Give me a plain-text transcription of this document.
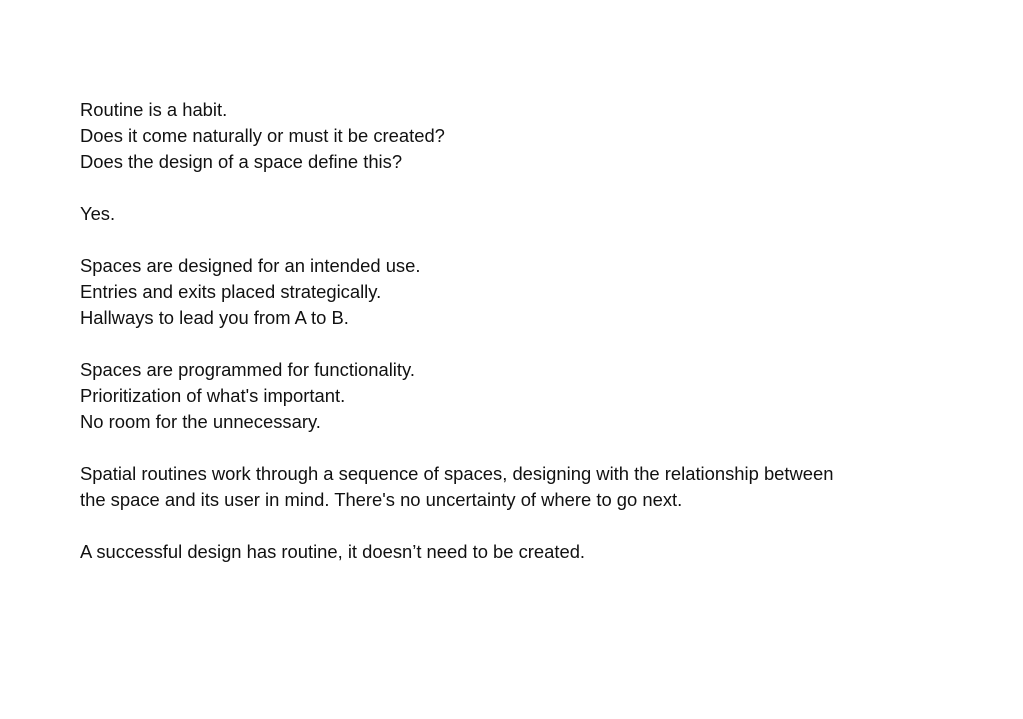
Routine is a habit.
Does it come naturally or must it be created?
Does the design of a space define this?

Yes.

Spaces are designed for an intended use.
Entries and exits placed strategically.
Hallways to lead you from A to B.

Spaces are programmed for functionality.
Prioritization of what's important.
No room for the unnecessary.

Spatial routines work through a sequence of spaces, designing with the relationship between
the space and its user in mind. There's no uncertainty of where to go next.

A successful design has routine, it doesn’t need to be created.
